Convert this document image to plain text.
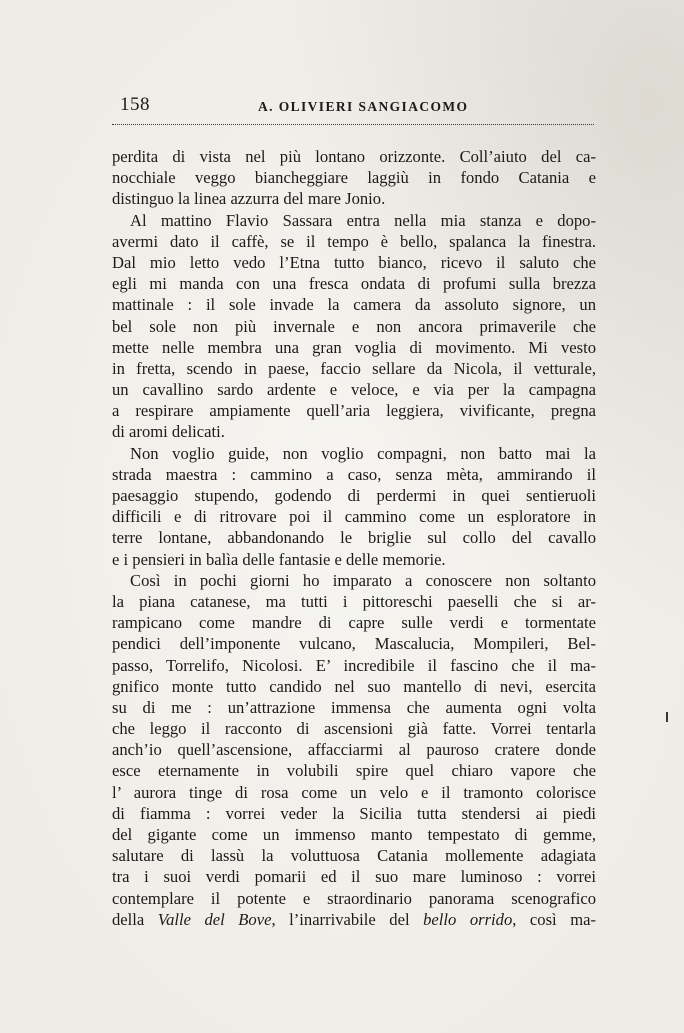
158	A. OLIVIERI SANGIACOMO
perdita di vista nel più lontano orizzonte. Coll’aiuto del ca-
nocchiale veggo biancheggiare laggiù in fondo Catania e
distinguo la linea azzurra del mare Jonio.
Al mattino Flavio Sassara entra nella mia stanza e dopo-
avermi dato il caffè, se il tempo è bello, spalanca la finestra.
Dal mio letto vedo l’Etna tutto bianco, ricevo il saluto che
egli mi manda con una fresca ondata di profumi sulla brezza
mattinale : il sole invade la camera da assoluto signore, un
bel sole non più invernale e non ancora primaverile che
mette nelle membra una gran voglia di movimento. Mi vesto
in fretta, scendo in paese, faccio sellare da Nicola, il vetturale,
un cavallino sardo ardente e veloce, e via per la campagna
a respirare ampiamente quell’aria leggiera, vivificante, pregna
di aromi delicati.
Non voglio guide, non voglio compagni, non batto mai la
strada maestra : cammino a caso, senza mèta, ammirando il
paesaggio stupendo, godendo di perdermi in quei sentieruoli
difficili e di ritrovare poi il cammino come un esploratore in
terre lontane, abbandonando le briglie sul collo del cavallo
e i pensieri in balìa delle fantasie e delle memorie.
Così in pochi giorni ho imparato a conoscere non soltanto
la piana catanese, ma tutti i pittoreschi paeselli che si ar-
rampicano come mandre di capre sulle verdi e tormentate
pendici dell’imponente vulcano, Mascalucia, Mompileri, Bel-
passo, Torrelifo, Nicolosi. E’ incredibile il fascino che il ma-
gnifico monte tutto candido nel suo mantello di nevi, esercita
su di me : un’attrazione immensa che aumenta ogni volta
che leggo il racconto di ascensioni già fatte. Vorrei tentarla
anch’io quell’ascensione, affacciarmi al pauroso cratere donde
esce eternamente in volubili spire quel chiaro vapore che
l’ aurora tinge di rosa come un velo e il tramonto colorisce
di fiamma : vorrei veder la Sicilia tutta stendersi ai piedi
del gigante come un immenso manto tempestato di gemme,
salutare di lassù la voluttuosa Catania mollemente adagiata
tra i suoi verdi pomarii ed il suo mare luminoso : vorrei
contemplare il potente e straordinario panorama scenografico
della Valle del Bove, l’inarrivabile del bello orrido, così ma-
